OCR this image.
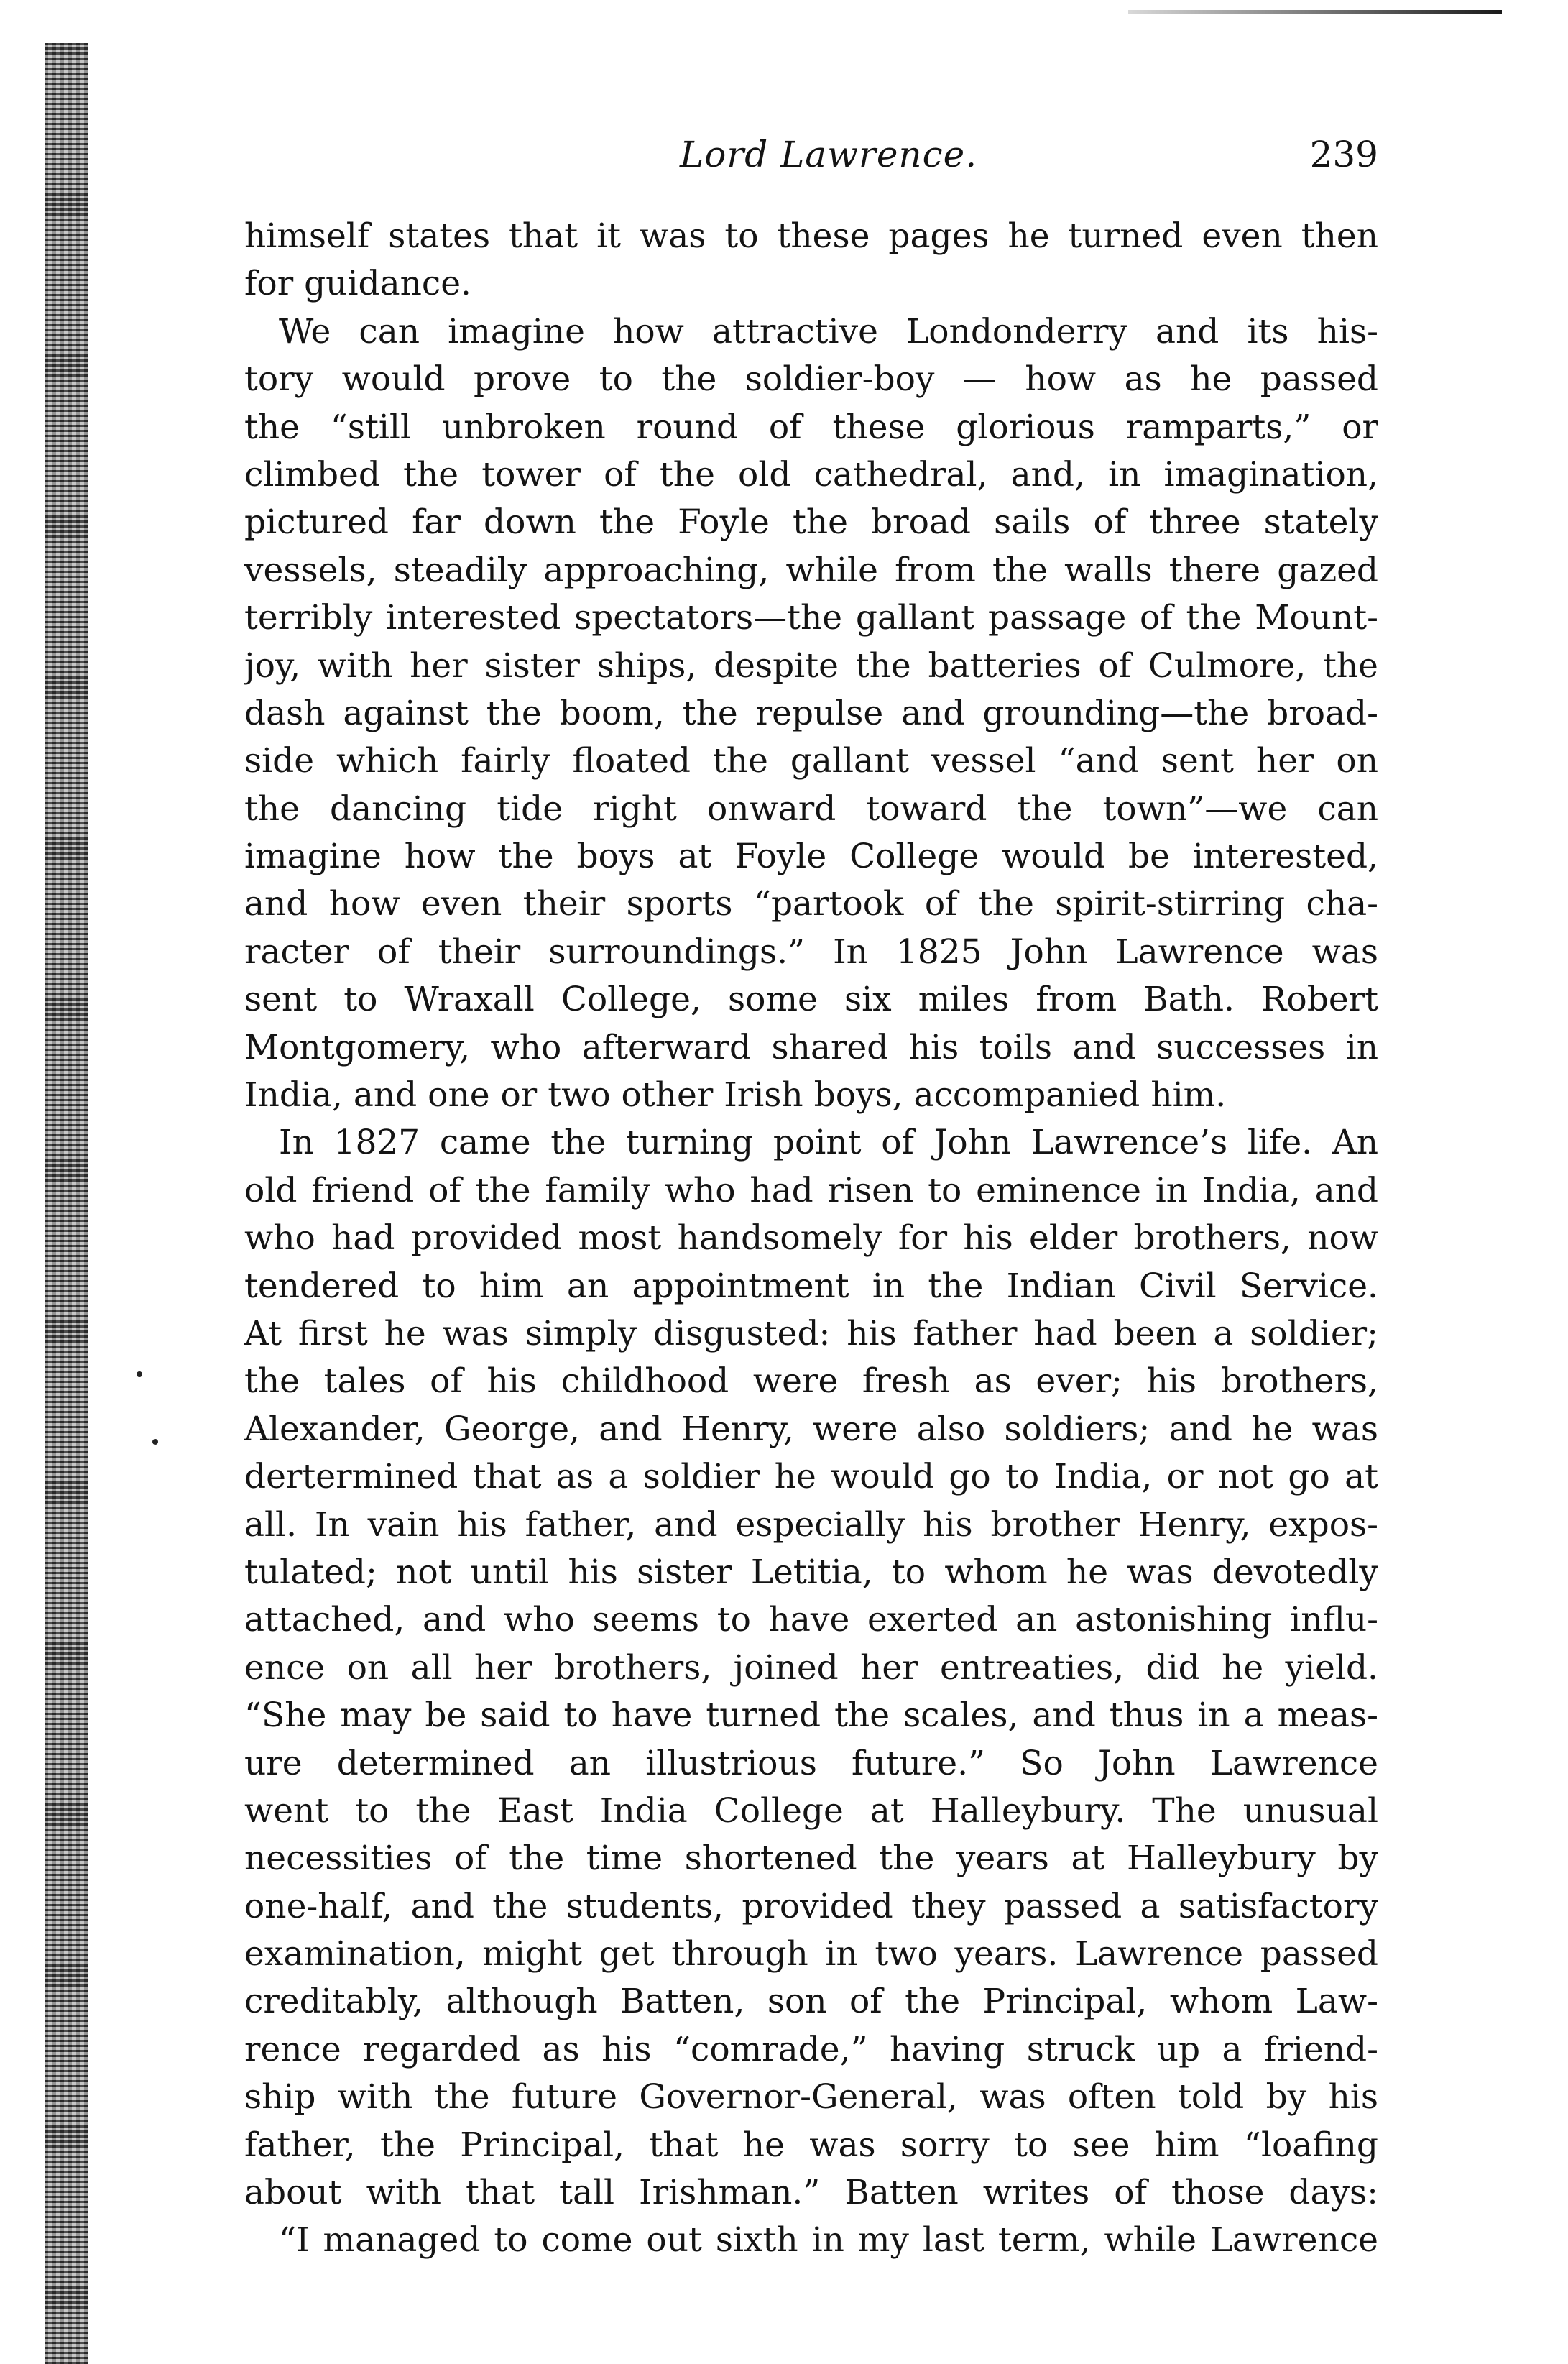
Lord Lawrence.	239
himself states that it was to these pages he turned even then
for guidance.
We can imagine how attractive Londonderry and its his-
tory would prove to the soldier-boy — how as he passed
the “still unbroken round of these glorious ramparts,” or
climbed the tower of the old cathedral, and, in imagination,
pictured far down the Foyle the broad sails of three stately
vessels, steadily approaching, while from the walls there gazed
terribly interested spectators—the gallant passage of the Mount-
joy, with her sister ships, despite the batteries of Culmore, the
dash against the boom, the repulse and grounding—the broad-
side which fairly floated the gallant vessel “and sent her on
the dancing tide right onward toward the town”—we can
imagine how the boys at Foyle College would be interested,
and how even their sports “partook of the spirit-stirring cha-
racter of their surroundings.” In 1825 John Lawrence was
sent to Wraxall College, some six miles from Bath. Robert
Montgomery, who afterward shared his toils and successes in
India, and one or two other Irish boys, accompanied him.
In 1827 came the turning point of John Lawrence’s life. An
old friend of the family who had risen to eminence in India, and
who had provided most handsomely for his elder brothers, now
tendered to him an appointment in the Indian Civil Service.
At first he was simply disgusted: his father had been a soldier;
the tales of his childhood were fresh as ever; his brothers,
Alexander, George, and Henry, were also soldiers; and he was
dertermined that as a soldier he would go to India, or not go at
all. In vain his father, and especially his brother Henry, expos-
tulated; not until his sister Letitia, to whom he was devotedly
attached, and who seems to have exerted an astonishing influ-
ence on all her brothers, joined her entreaties, did he yield.
“She may be said to have turned the scales, and thus in a meas-
ure determined an illustrious future.” So John Lawrence
went to the East India College at Halleybury. The unusual
necessities of the time shortened the years at Halleybury by
one-half, and the students, provided they passed a satisfactory
examination, might get through in two years. Lawrence passed
creditably, although Batten, son of the Principal, whom Law-
rence regarded as his “comrade,” having struck up a friend-
ship with the future Governor-General, was often told by his
father, the Principal, that he was sorry to see him “loafing
about with that tall Irishman.” Batten writes of those days:
“I managed to come out sixth in my last term, while Lawrence
